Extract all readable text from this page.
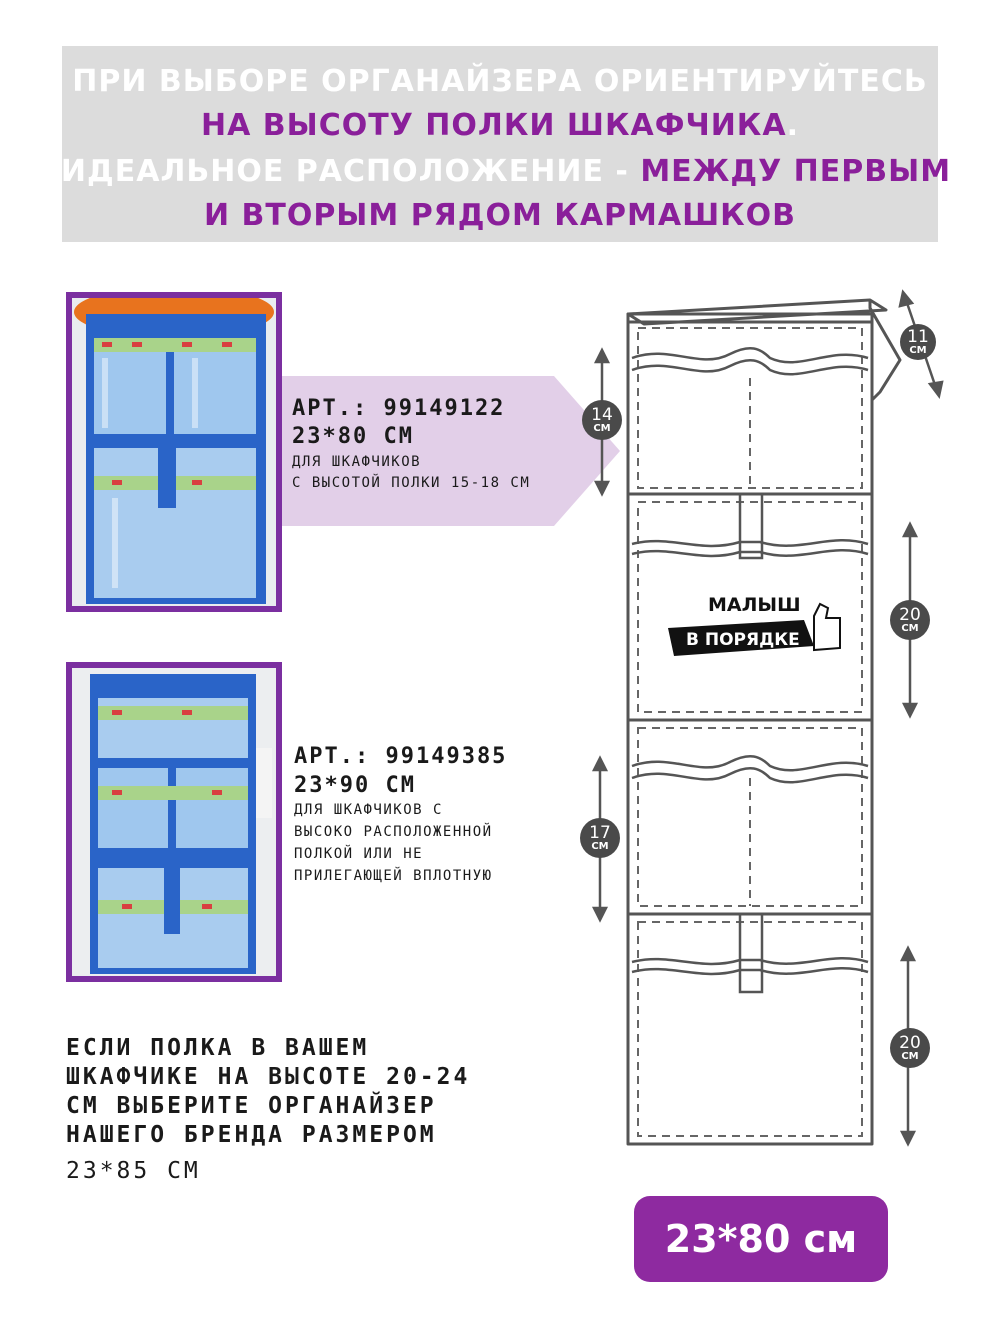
ПРИ ВЫБОРЕ ОРГАНАЙЗЕРА ОРИЕНТИРУЙТЕСЬ
НА ВЫСОТУ ПОЛКИ ШКАФЧИКА.
ИДЕАЛЬНОЕ РАСПОЛОЖЕНИЕ - МЕЖДУ ПЕРВЫМ
И ВТОРЫМ РЯДОМ КАРМАШКОВ
АРТ.: 99149122
23*80 СМ
ДЛЯ ШКАФЧИКОВ
С ВЫСОТОЙ ПОЛКИ 15-18 СМ
АРТ.: 99149385
23*90 СМ
ДЛЯ ШКАФЧИКОВ С
ВЫСОКО РАСПОЛОЖЕННОЙ
ПОЛКОЙ ИЛИ НЕ
ПРИЛЕГАЮЩЕЙ ВПЛОТНУЮ
ЕСЛИ ПОЛКА В ВАШЕМ
ШКАФЧИКЕ НА ВЫСОТЕ 20-24
СМ ВЫБЕРИТЕ ОРГАНАЙЗЕР
НАШЕГО БРЕНДА РАЗМЕРОМ
23*85 СМ
МАЛЫШ
В ПОРЯДКЕ
11
СМ
14
СМ
20
СМ
17
СМ
20
СМ
23*80 см
